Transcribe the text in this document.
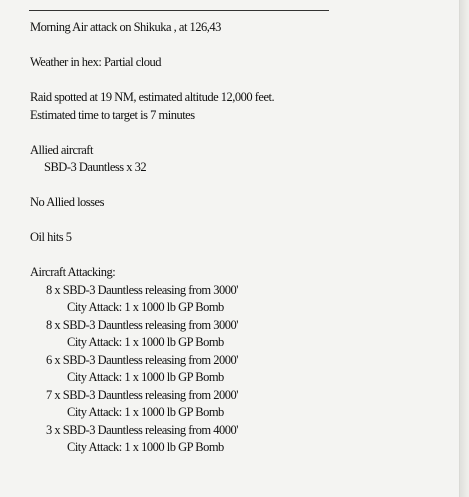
Morning Air attack on Shikuka , at 126,43
Weather in hex: Partial cloud
Raid spotted at 19 NM, estimated altitude 12,000 feet.
Estimated time to target is 7 minutes
Allied aircraft
SBD-3 Dauntless x 32
No Allied losses
Oil hits 5
Aircraft Attacking:
8 x SBD-3 Dauntless releasing from 3000'
City Attack: 1 x 1000 lb GP Bomb
8 x SBD-3 Dauntless releasing from 3000'
City Attack: 1 x 1000 lb GP Bomb
6 x SBD-3 Dauntless releasing from 2000'
City Attack: 1 x 1000 lb GP Bomb
7 x SBD-3 Dauntless releasing from 2000'
City Attack: 1 x 1000 lb GP Bomb
3 x SBD-3 Dauntless releasing from 4000'
City Attack: 1 x 1000 lb GP Bomb
